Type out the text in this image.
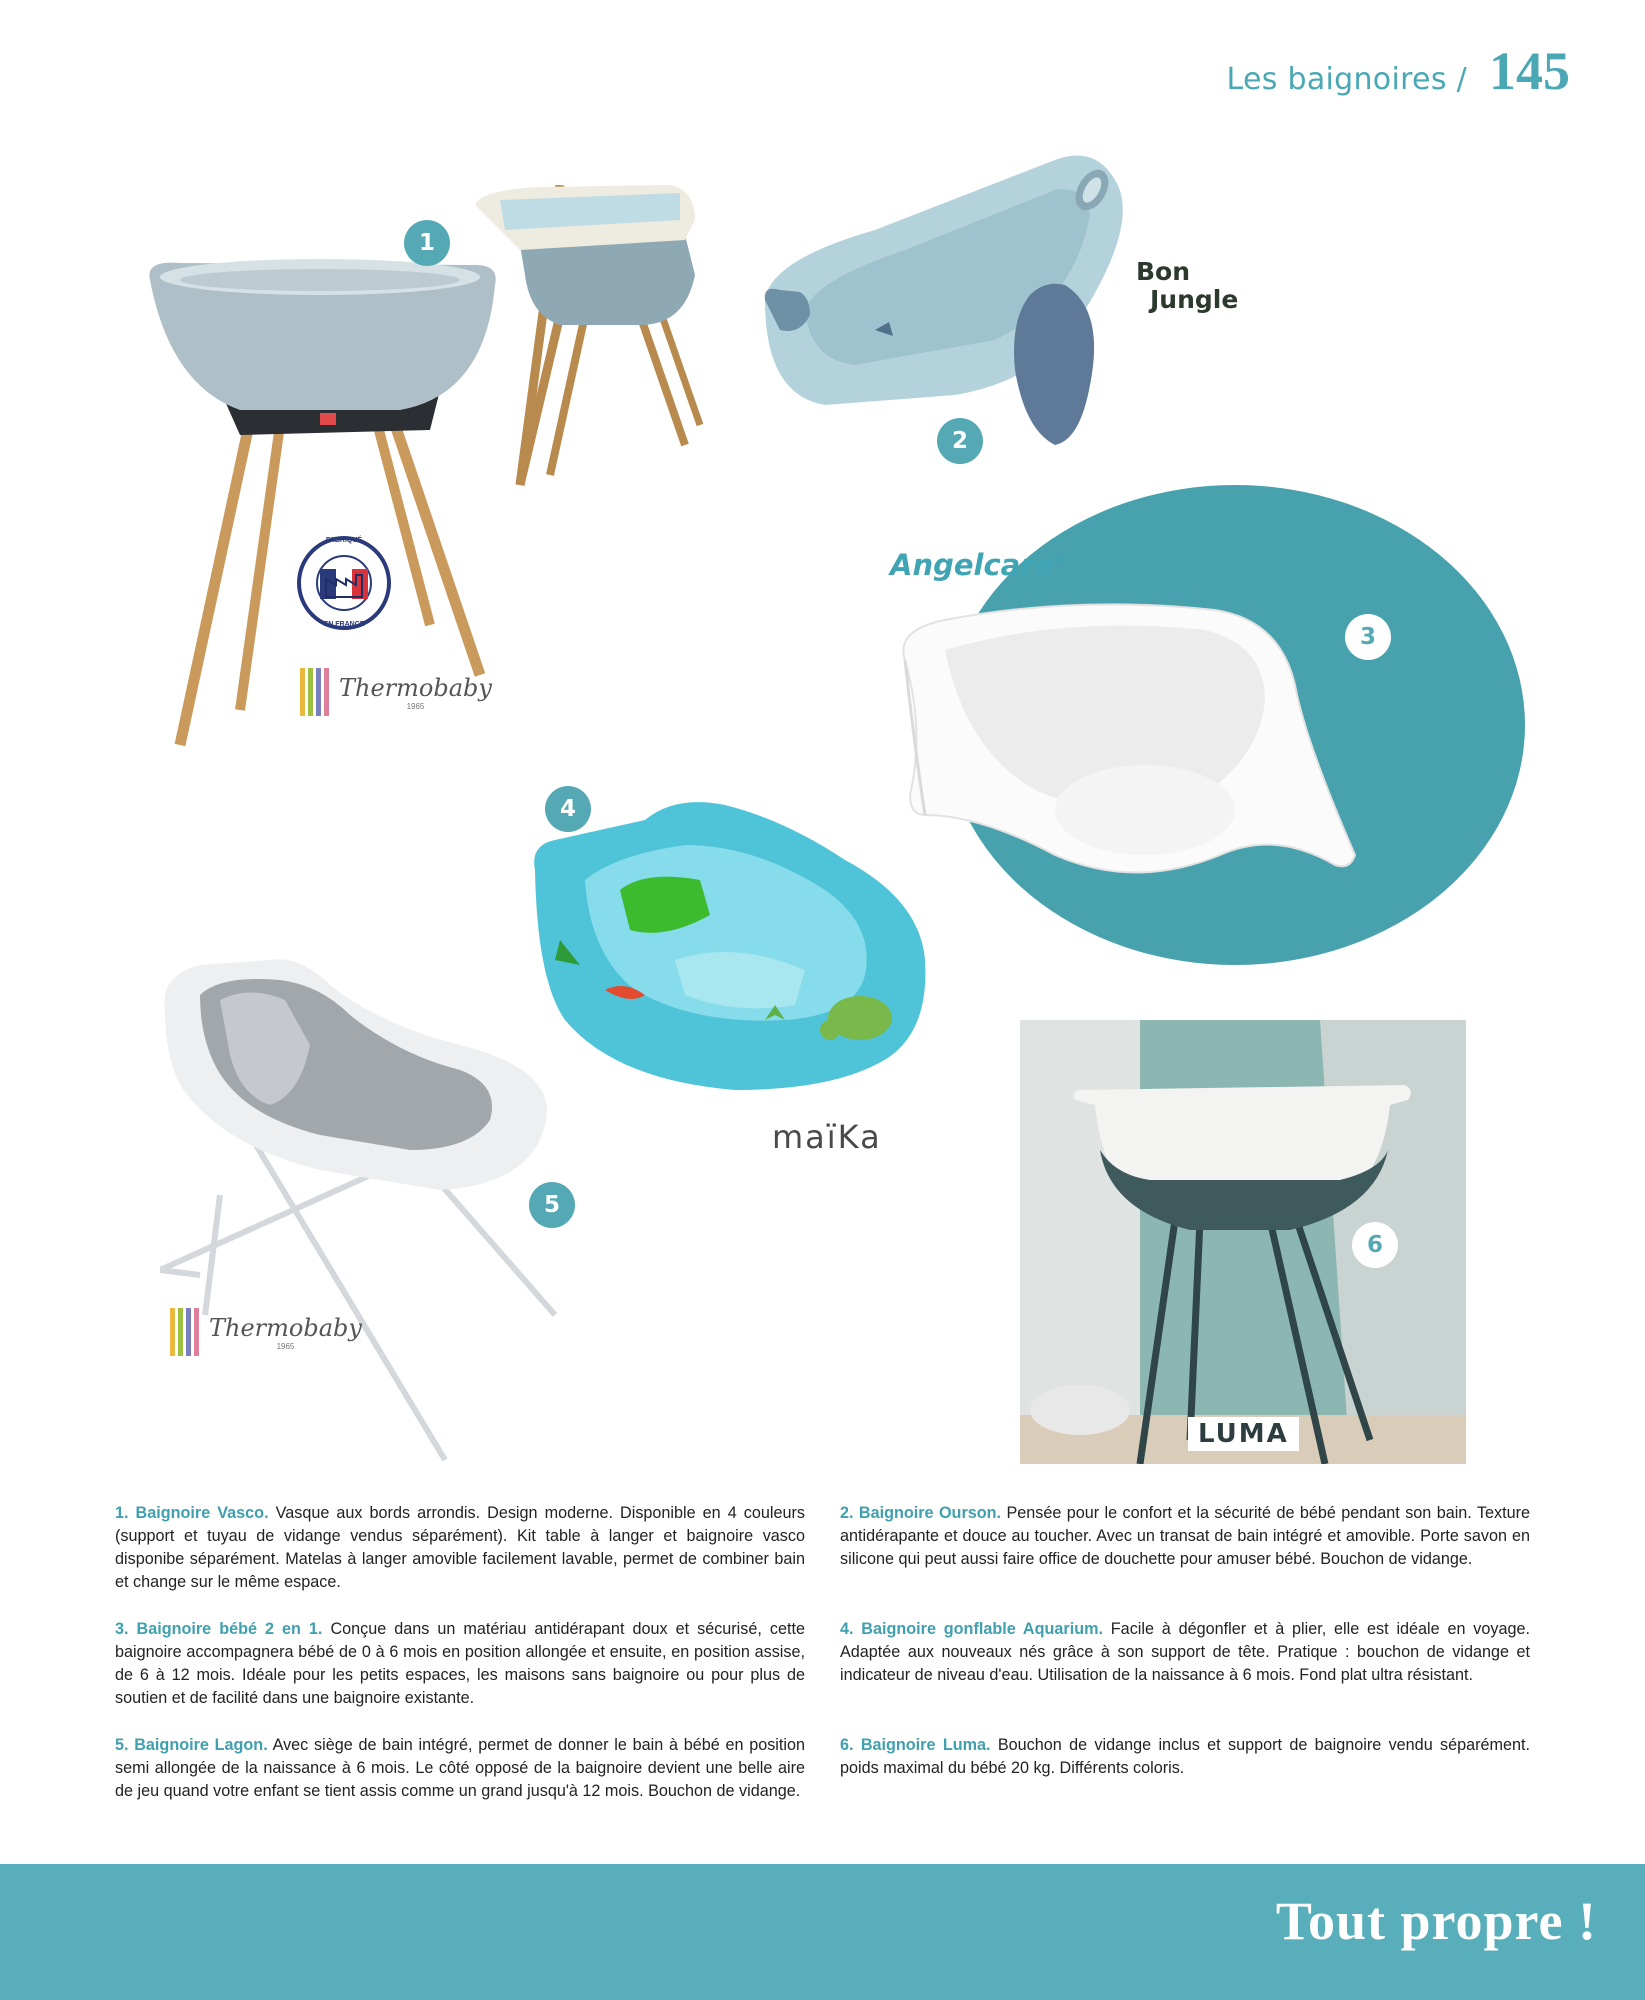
Les baignoires / 145
1
FABRIQUÉ
EN FRANCE
Thermobaby
1965
2
Bon
Jungle
Angelcare®
3
4
maïKa
5
Thermobaby
1965
LUMA
6
1. Baignoire Vasco. Vasque aux bords arrondis. Design moderne. Disponible en 4 couleurs (support et tuyau de vidange vendus séparément). Kit table à langer et baignoire vasco disponibe séparément. Matelas à langer amovible facilement lavable, permet de combiner bain et change sur le même espace.
2. Baignoire Ourson. Pensée pour le confort et la sécurité de bébé pendant son bain. Texture antidérapante et douce au toucher. Avec un transat de bain intégré et amovible. Porte savon en silicone qui peut aussi faire office de douchette pour amuser bébé. Bouchon de vidange.
3. Baignoire bébé 2 en 1. Conçue dans un matériau antidérapant doux et sécurisé, cette baignoire accompagnera bébé de 0 à 6 mois en position allongée et ensuite, en position assise, de 6 à 12 mois. Idéale pour les petits espaces, les maisons sans baignoire ou pour plus de soutien et de facilité dans une baignoire existante.
4. Baignoire gonflable Aquarium. Facile à dégonfler et à plier, elle est idéale en voyage. Adaptée aux nouveaux nés grâce à son support de tête. Pratique : bouchon de vidange et indicateur de niveau d'eau. Utilisation de la naissance à 6 mois. Fond plat ultra résistant.
5. Baignoire Lagon. Avec siège de bain intégré, permet de donner le bain à bébé en position semi allongée de la naissance à 6 mois. Le côté opposé de la baignoire devient une belle aire de jeu quand votre enfant se tient assis comme un grand jusqu'à 12 mois. Bouchon de vidange.
6. Baignoire Luma. Bouchon de vidange inclus et support de baignoire vendu séparément. poids maximal du bébé 20 kg. Différents coloris.
Tout propre !
